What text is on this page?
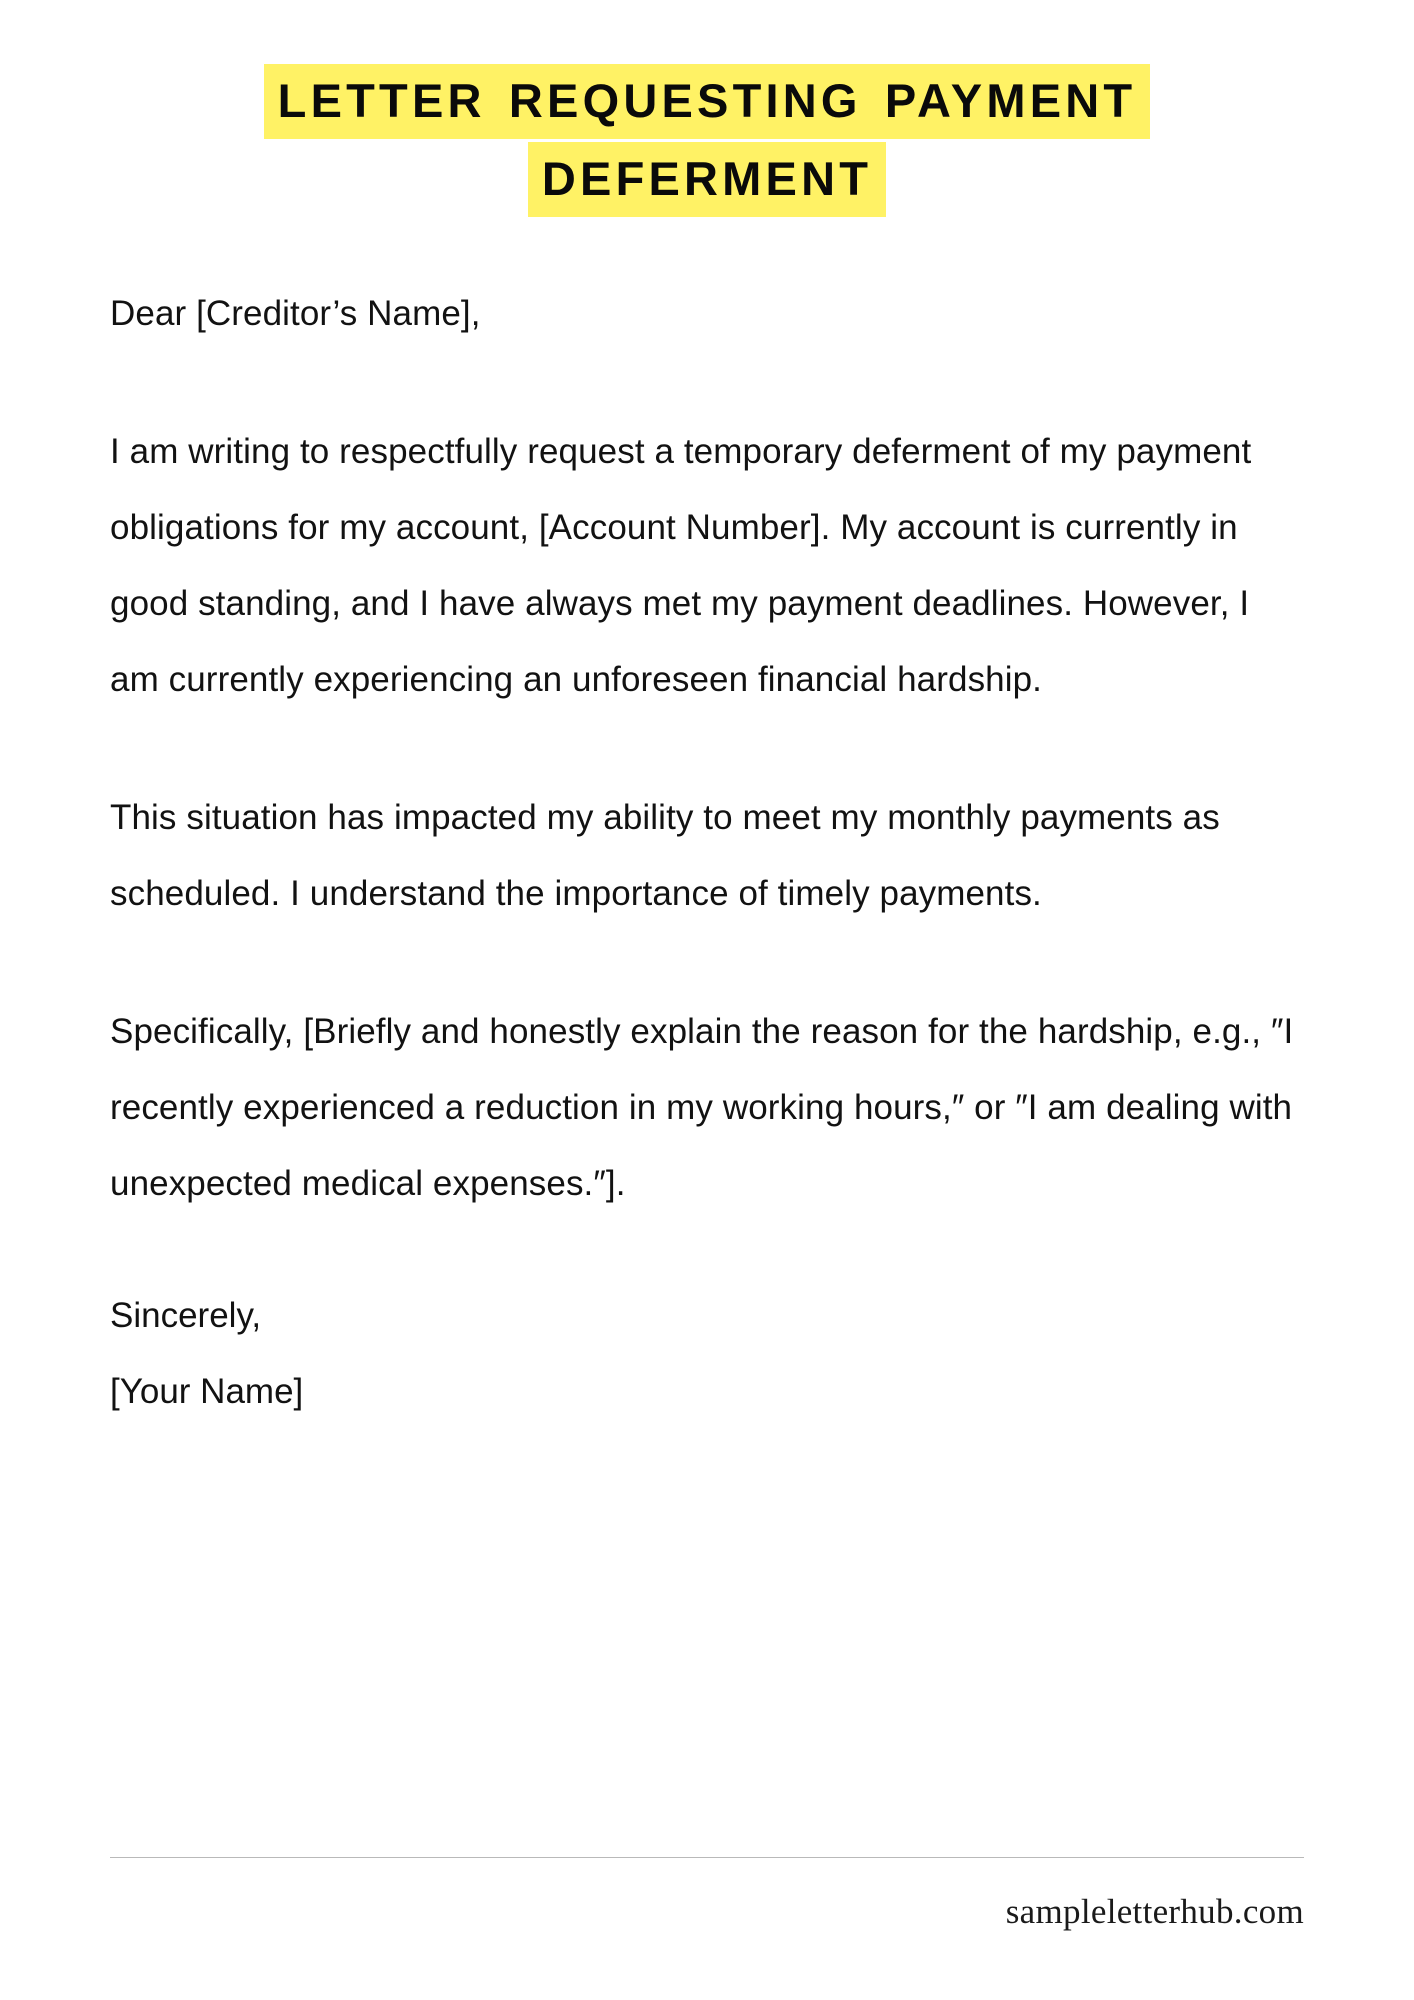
LETTER REQUESTING PAYMENT
DEFERMENT

Dear [Creditor’s Name],

I am writing to respectfully request a temporary deferment of my payment obligations for my account, [Account Number]. My account is currently in good standing, and I have always met my payment deadlines. However, I am currently experiencing an unforeseen financial hardship.

This situation has impacted my ability to meet my monthly payments as scheduled. I understand the importance of timely payments.

Specifically, [Briefly and honestly explain the reason for the hardship, e.g., ″I recently experienced a reduction in my working hours,″ or ″I am dealing with unexpected medical expenses.″].

Sincerely,

[Your Name]

sampleletterhub.com
